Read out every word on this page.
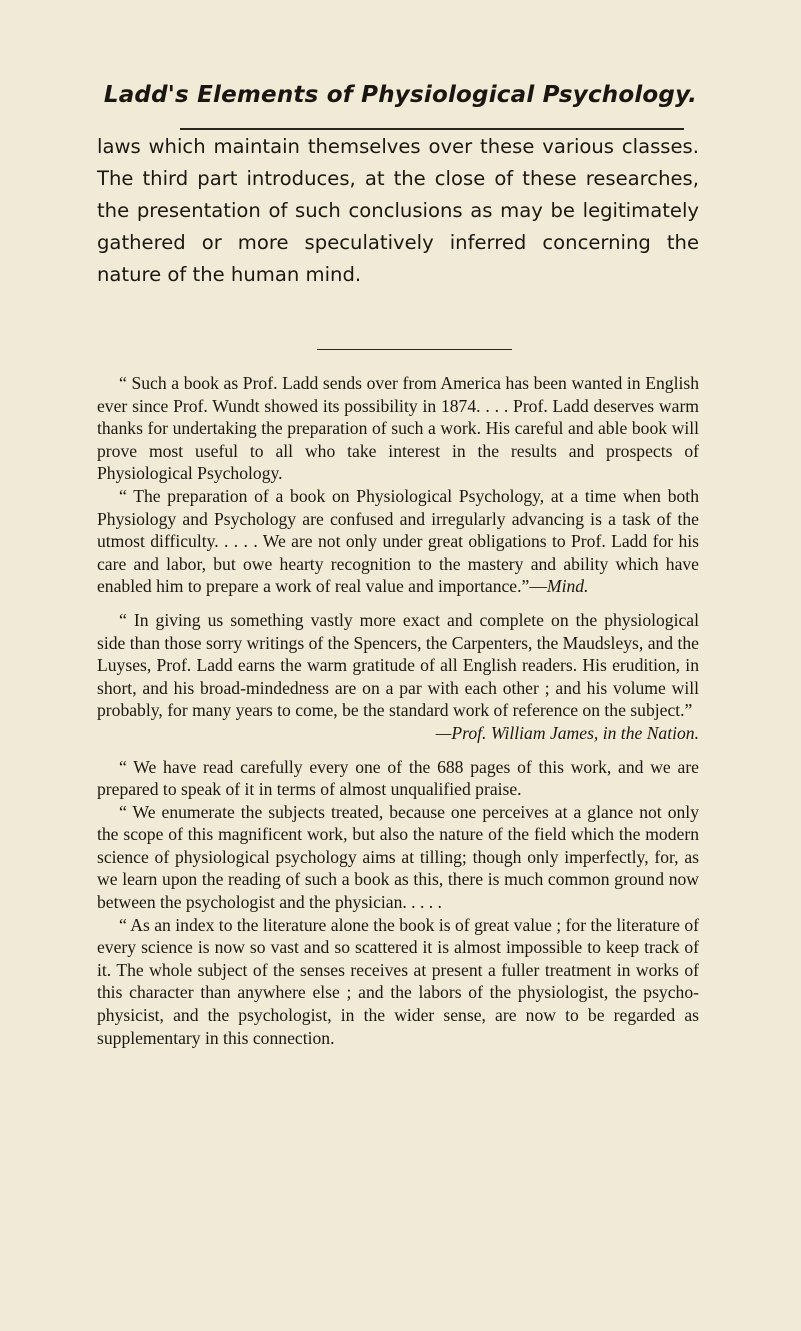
Ladd's Elements of Physiological Psychology.

laws which maintain themselves over these various classes. The third part introduces, at the close of these researches, the presentation of such conclusions as may be legitimately gathered or more speculatively inferred concerning the nature of the human mind.

“ Such a book as Prof. Ladd sends over from America has been wanted in English ever since Prof. Wundt showed its possibility in 1874. . . . Prof. Ladd deserves warm thanks for undertaking the preparation of such a work. His careful and able book will prove most useful to all who take interest in the results and prospects of Physiological Psychology.

“ The preparation of a book on Physiological Psychology, at a time when both Physiology and Psychology are confused and irregularly advancing is a task of the utmost difficulty. . . . . We are not only under great obligations to Prof. Ladd for his care and labor, but owe hearty recognition to the mastery and ability which have enabled him to prepare a work of real value and importance.”—Mind.

“ In giving us something vastly more exact and complete on the physiological side than those sorry writings of the Spencers, the Carpenters, the Maudsleys, and the Luyses, Prof. Ladd earns the warm gratitude of all English readers. His erudition, in short, and his broad-mindedness are on a par with each other ; and his volume will probably, for many years to come, be the standard work of reference on the subject.”

—Prof. William James, in the Nation.

“ We have read carefully every one of the 688 pages of this work, and we are prepared to speak of it in terms of almost unqualified praise.

“ We enumerate the subjects treated, because one perceives at a glance not only the scope of this magnificent work, but also the nature of the field which the modern science of physiological psychology aims at tilling; though only imperfectly, for, as we learn upon the reading of such a book as this, there is much common ground now between the psychologist and the physician. . . . .

“ As an index to the literature alone the book is of great value ; for the literature of every science is now so vast and so scattered it is almost impossible to keep track of it. The whole subject of the senses receives at present a fuller treatment in works of this character than anywhere else ; and the labors of the physiologist, the psycho-physicist, and the psychologist, in the wider sense, are now to be regarded as supplementary in this connection.
